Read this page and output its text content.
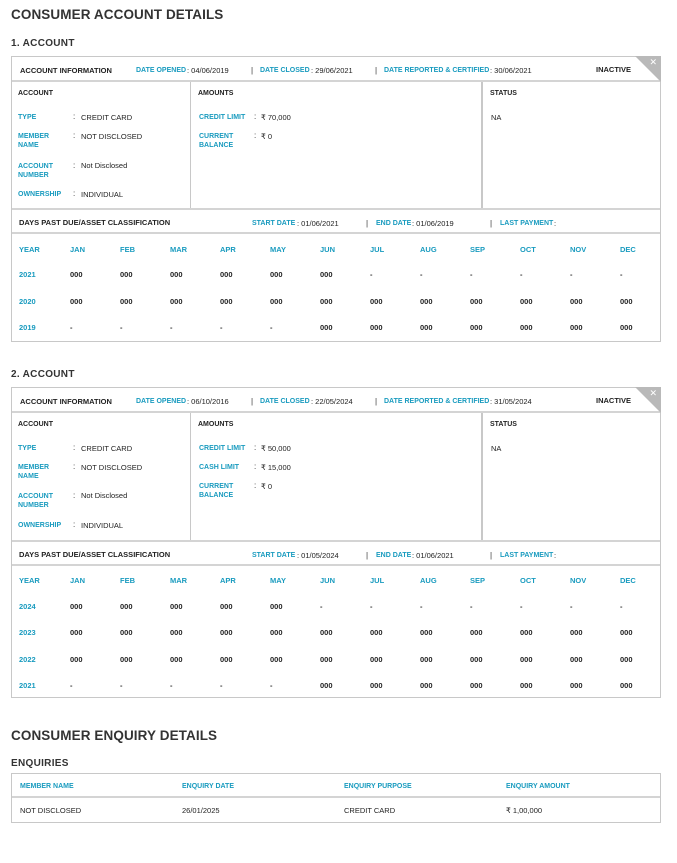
CONSUMER ACCOUNT DETAILS
1. ACCOUNT
ACCOUNT INFORMATION	DATE OPENED : 04/06/2019	| DATE CLOSED : 29/06/2021	| DATE REPORTED & CERTIFIED : 30/06/2021	INACTIVE
✕
ACCOUNT
TYPE	: CREDIT CARD
MEMBER NAME
: NOT DISCLOSED
ACCOUNT NUMBER
: Not Disclosed
OWNERSHIP	: INDIVIDUAL
AMOUNTS
CREDIT LIMIT	: ₹ 70,000
CURRENT BALANCE
: ₹ 0
STATUS
NA
DAYS PAST DUE/ASSET CLASSIFICATION	START DATE : 01/06/2021	| END DATE : 01/06/2019	| LAST PAYMENT :
YEAR	JAN	FEB	MAR	APR	MAY	JUN	JUL	AUG	SEP	OCT	NOV	DEC
2021	000	000	000	000	000	000	-	-	-	-	-	-
2020	000	000	000	000	000	000	000	000	000	000	000	000
2019	-	-	-	-	-	000	000	000	000	000	000	000
2. ACCOUNT
ACCOUNT INFORMATION	DATE OPENED : 06/10/2016	| DATE CLOSED : 22/05/2024	| DATE REPORTED & CERTIFIED : 31/05/2024	INACTIVE
✕
ACCOUNT
TYPE	: CREDIT CARD
MEMBER NAME
: NOT DISCLOSED
ACCOUNT NUMBER
: Not Disclosed
OWNERSHIP	: INDIVIDUAL
AMOUNTS
CREDIT LIMIT	: ₹ 50,000
CASH LIMIT	: ₹ 15,000
CURRENT BALANCE
: ₹ 0
STATUS
NA
DAYS PAST DUE/ASSET CLASSIFICATION	START DATE : 01/05/2024	| END DATE : 01/06/2021	| LAST PAYMENT :
YEAR	JAN	FEB	MAR	APR	MAY	JUN	JUL	AUG	SEP	OCT	NOV	DEC
2024	000	000	000	000	000	-	-	-	-	-	-	-
2023	000	000	000	000	000	000	000	000	000	000	000	000
2022	000	000	000	000	000	000	000	000	000	000	000	000
2021	-	-	-	-	-	000	000	000	000	000	000	000
CONSUMER ENQUIRY DETAILS
ENQUIRIES
MEMBER NAME	ENQUIRY DATE	ENQUIRY PURPOSE	ENQUIRY AMOUNT
NOT DISCLOSED	26/01/2025	CREDIT CARD	₹ 1,00,000
